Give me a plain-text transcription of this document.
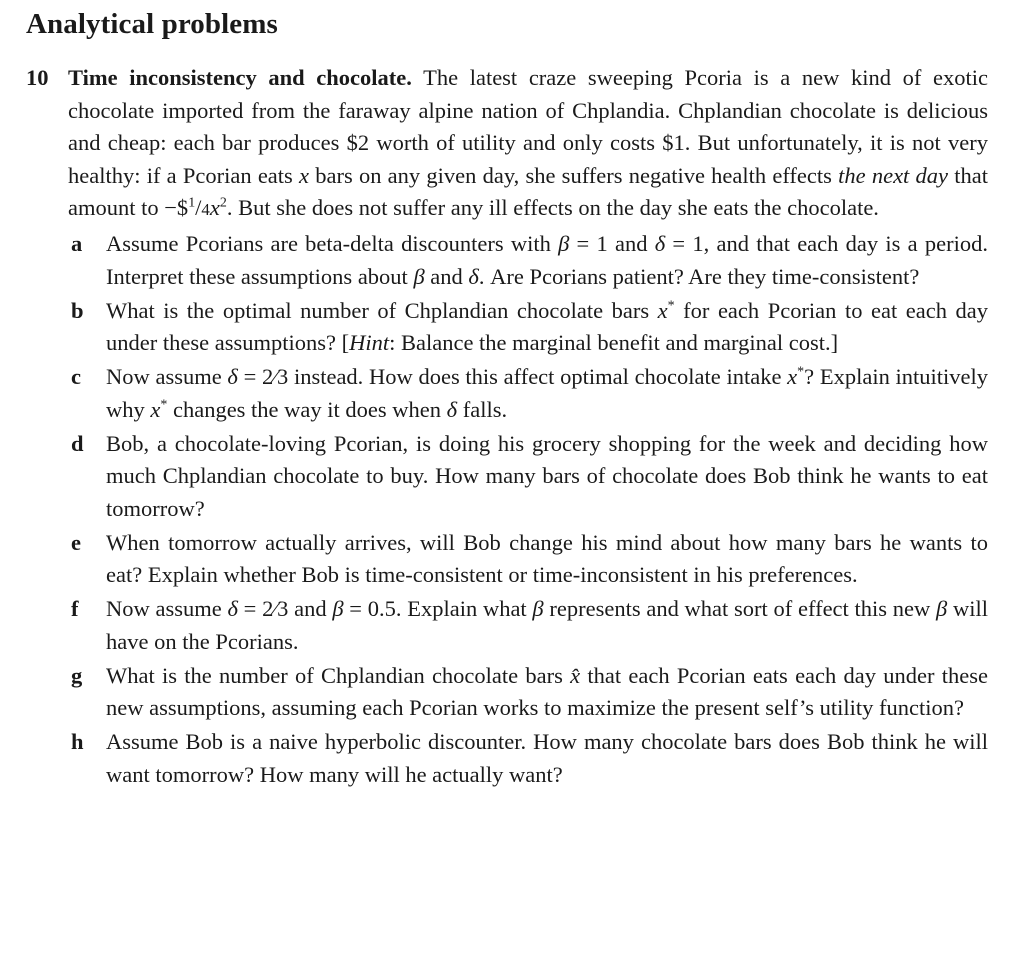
Analytical problems
10 Time inconsistency and chocolate. The latest craze sweeping Pcoria is a new kind of exotic chocolate imported from the faraway alpine nation of Chplandia. Chplandian chocolate is delicious and cheap: each bar produces $2 worth of utility and only costs $1. But unfortunately, it is not very healthy: if a Pcorian eats x bars on any given day, she suffers negative health effects the next day that amount to $-\$^1/4x^2$. But she does not suffer any ill effects on the day she eats the chocolate.
a	Assume Pcorians are beta-delta discounters with β = 1 and δ = 1, and that each day is a period. Interpret these assumptions about β and δ. Are Pcorians patient? Are they time-consistent?
b What is the optimal number of Chplandian chocolate bars x* for each Pcorian to eat each day under these assumptions? [Hint: Balance the marginal benefit and marginal cost.]
c	Now assume δ = 2⁄3 instead. How does this affect optimal chocolate intake x*? Explain intuitively why x* changes the way it does when δ falls.
d Bob, a chocolate-loving Pcorian, is doing his grocery shopping for the week and deciding how much Chplandian chocolate to buy. How many bars of chocolate does Bob think he wants to eat tomorrow?
e	When tomorrow actually arrives, will Bob change his mind about how many bars he wants to eat? Explain whether Bob is time-consistent or time-inconsistent in his preferences.
f	Now assume δ = 2⁄3 and β = 0.5. Explain what β represents and what sort of effect this new β will have on the Pcorians.
g	What is the number of Chplandian chocolate bars x̂ that each Pcorian eats each day under these new assumptions, assuming each Pcorian works to maximize the present self’s utility function?
h Assume Bob is a naive hyperbolic discounter. How many chocolate bars does Bob think he will want tomorrow? How many will he actually want?
